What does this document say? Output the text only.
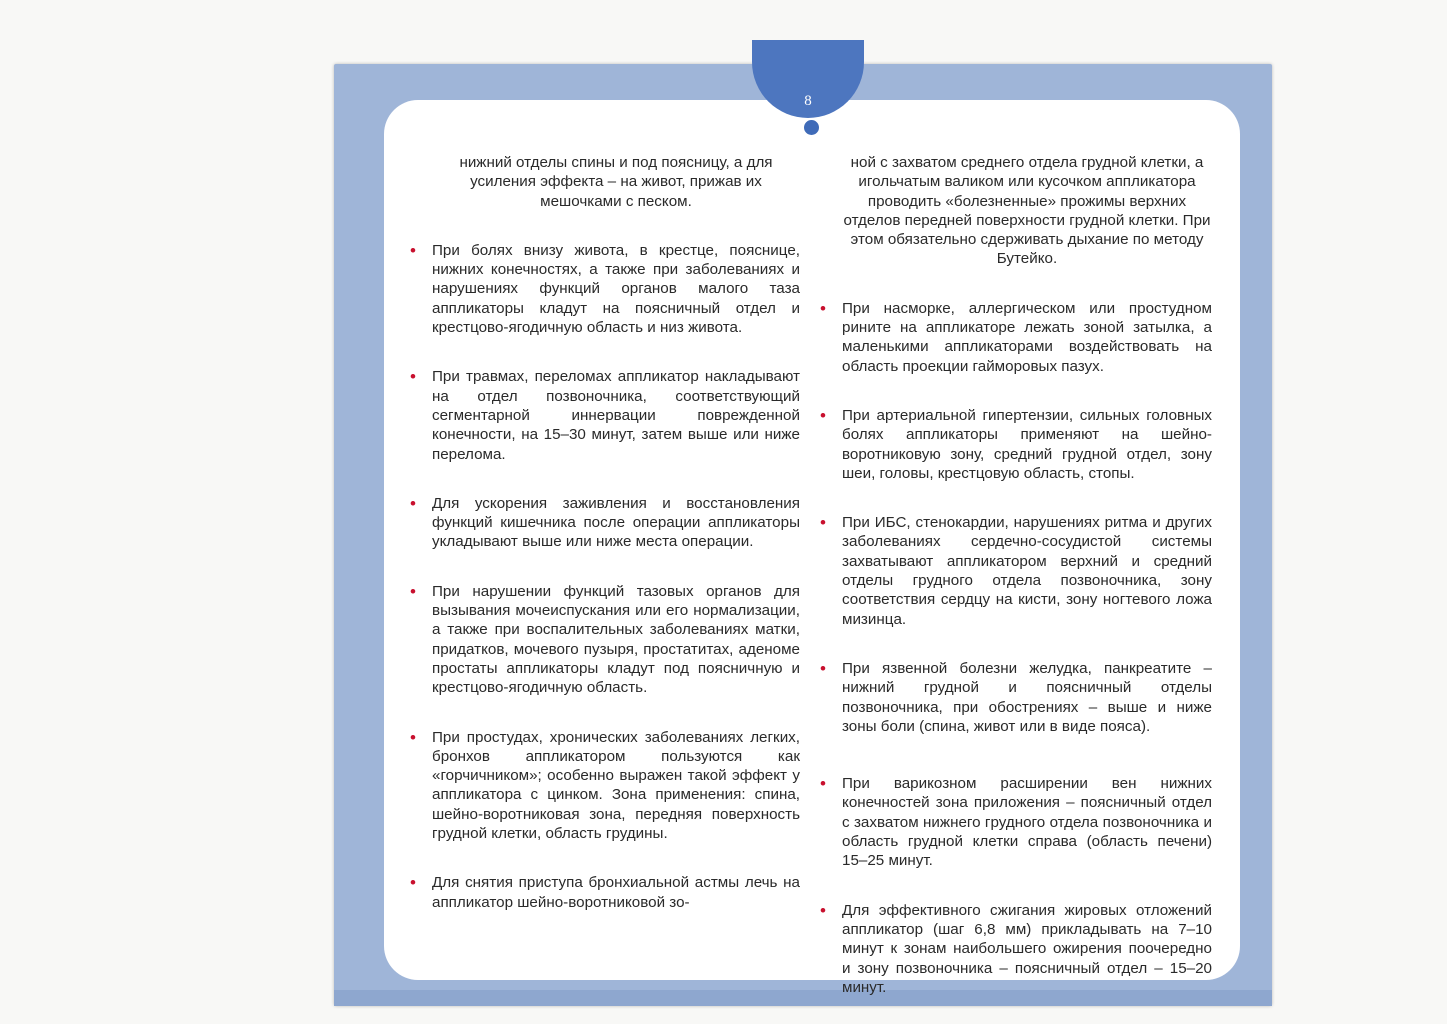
8
нижний отделы спины и под поясницу, а для усиления эффекта – на живот, прижав их мешочками с песком.
• При болях внизу живота, в крестце, пояснице, нижних конечностях, а также при заболеваниях и нарушениях функций органов малого таза аппликаторы кладут на поясничный отдел и крестцово-ягодичную область и низ живота.
• При травмах, переломах аппликатор накладывают на отдел позвоночника, соответствующий сегментарной иннервации поврежденной конечности, на 15–30 минут, затем выше или ниже перелома.
• Для ускорения заживления и восстановления функций кишечника после операции аппликаторы укладывают выше или ниже места операции.
• При нарушении функций тазовых органов для вызывания мочеиспускания или его нормализации, а также при воспалительных заболеваниях матки, придатков, мочевого пузыря, простатитах, аденоме простаты аппликаторы кладут под поясничную и крестцово-ягодичную область.
• При простудах, хронических заболеваниях легких, бронхов аппликатором пользуются как «горчичником»; особенно выражен такой эффект у аппликатора с цинком. Зона применения: спина, шейно-воротниковая зона, передняя поверхность грудной клетки, область грудины.
• Для снятия приступа бронхиальной астмы лечь на аппликатор шейно-воротниковой зо-
ной с захватом среднего отдела грудной клетки, а игольчатым валиком или кусочком аппликатора проводить «болезненные» прожимы верхних отделов передней поверхности грудной клетки. При этом обязательно сдерживать дыхание по методу Бутейко.
• При насморке, аллергическом или простудном рините на аппликаторе лежать зоной затылка, а маленькими аппликаторами воздействовать на область проекции гайморовых пазух.
• При артериальной гипертензии, сильных головных болях аппликаторы применяют на шейно-воротниковую зону, средний грудной отдел, зону шеи, головы, крестцовую область, стопы.
• При ИБС, стенокардии, нарушениях ритма и других заболеваниях сердечно-сосудистой системы захватывают аппликатором верхний и средний отделы грудного отдела позвоночника, зону соответствия сердцу на кисти, зону ногтевого ложа мизинца.
• При язвенной болезни желудка, панкреатите – нижний грудной и поясничный отделы позвоночника, при обострениях – выше и ниже зоны боли (спина, живот или в виде пояса).
• При варикозном расширении вен нижних конечностей зона приложения – поясничный отдел с захватом нижнего грудного отдела позвоночника и область грудной клетки справа (область печени) 15–25 минут.
• Для эффективного сжигания жировых отложений аппликатор (шаг 6,8 мм) прикладывать на 7–10 минут к зонам наибольшего ожирения поочередно и зону позвоночника – поясничный отдел – 15–20 минут.
